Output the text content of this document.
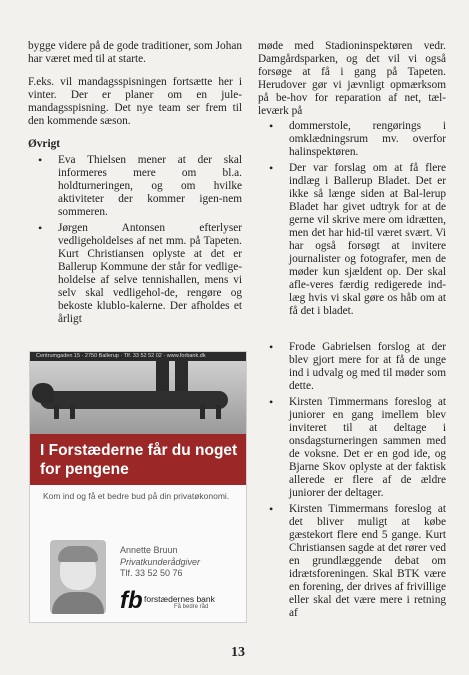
bygge videre på de gode traditioner, som Johan har været med til at starte.

F.eks. vil mandagsspisningen fortsætte her i vinter. Der er planer om en jule-mandagsspisning. Det nye team ser frem til den kommende sæson.

Øvrigt
• Eva Thielsen mener at der skal informeres mere om bl.a. holdturneringen, og om hvilke aktiviteter der kommer igen-nem sommeren.
• Jørgen Antonsen efterlyser vedligeholdelses af net mm. på Tapeten. Kurt Christiansen oplyste at det er Ballerup Kommune der står for vedlige-holdelse af selve tennishallen, mens vi selv skal vedligehol-de, rengøre og bekoste klublo-kalerne. Der afholdes et årligt

møde med Stadioninspektøren vedr. Damgårdsparken, og det vil vi også forsøge at få i gang på Tapeten. Herudover gør vi jævnligt opmærksom på be-hov for reparation af net, tæl-leværk på

• dommerstole, rengørings i omklædningsrum mv. overfor halinspektøren.
• Der var forslag om at få flere indlæg i Ballerup Bladet. Det er ikke så længe siden at Bal-lerup Bladet har givet udtryk for at de gerne vil skrive mere om idrætten, men det har hid-til været svært. Vi har også forsøgt at invitere journalister og fotografer, men de møder kun sjældent op. Der skal afle-veres færdig redigerede ind-læg hvis vi skal gøre os håb om at få det i bladet.
• Frode Gabrielsen forslog at der blev gjort mere for at få de unge ind i udvalg og med til møder som dette.
• Kirsten Timmermans foreslog at juniorer en gang imellem blev inviteret til at deltage i onsdagsturneringen sammen med de voksne. Det er en god ide, og Bjarne Skov oplyste at der faktisk allerede er flere af de ældre juniorer der deltager.
• Kirsten Timmermans foreslog at det bliver muligt at købe gæstekort flere end 5 gange. Kurt Christiansen sagde at det rører ved en grundlæggende debat om idrætsforeningen. Skal BTK være en forening, der drives af frivillige eller skal det være mere i retning af
Centrumgaden 15 · 2750 Ballerup · Tlf. 33 52 52 02 · www.forbank.dk
I Forstæderne får du noget for pengene
Kom ind og få et bedre bud på din privatøkonomi.
Annette Bruun
Privatkunderådgiver
Tlf. 33 52 50 76
fb forstædernes bank
Få bedre råd
13
